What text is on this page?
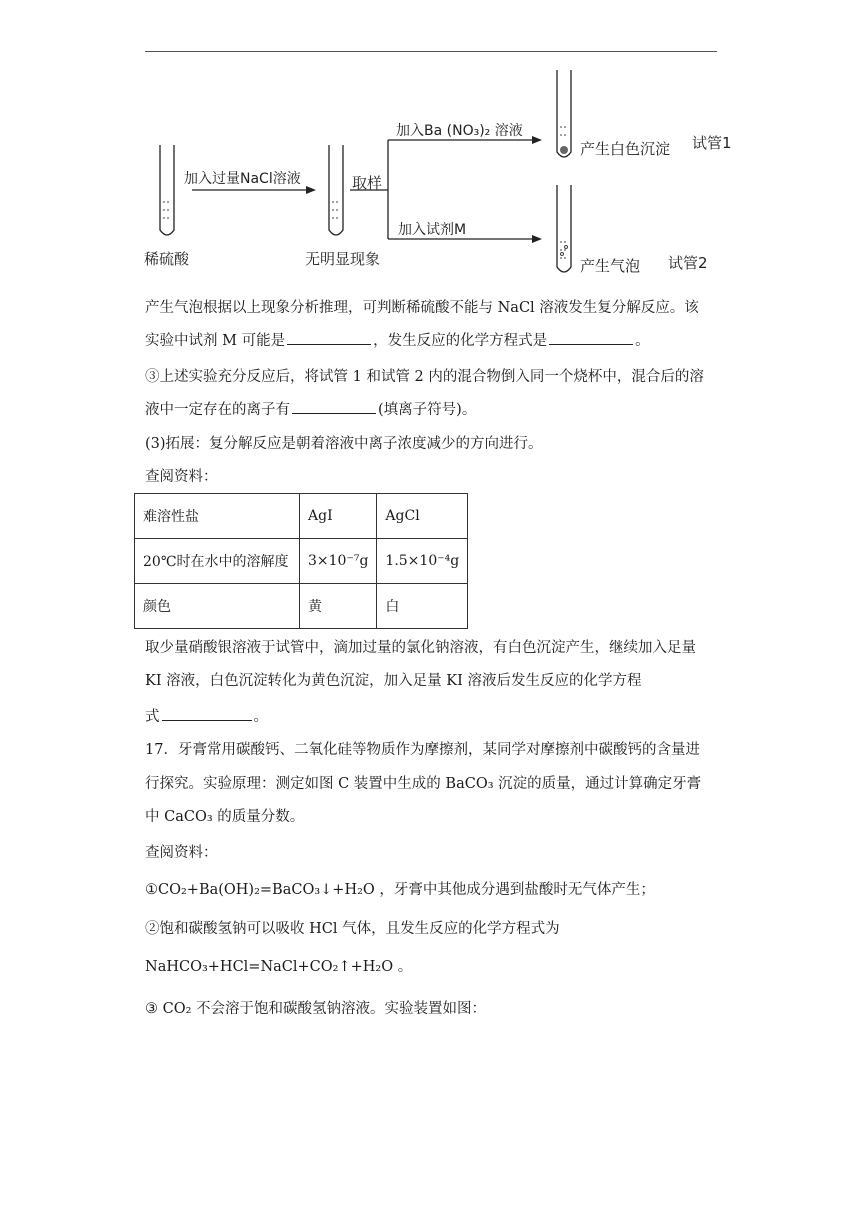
稀硫酸
加入过量NaCl溶液
无明显现象
取样
加入Ba (NO₃)₂ 溶液
加入试剂M
产生白色沉淀 试管1
产生气泡 试管2
产生气泡根据以上现象分析推理，可判断稀硫酸不能与 NaCl 溶液发生复分解反应。该
实验中试剂 M 可能是	，发生反应的化学方程式是	。
③上述实验充分反应后，将试管 1 和试管 2 内的混合物倒入同一个烧杯中，混合后的溶
液中一定存在的离子有	(填离子符号)。
(3)拓展：复分解反应是朝着溶液中离子浓度减少的方向进行。
查阅资料：
难溶性盐	AgI	AgCl
20℃时在水中的溶解度	3×10⁻⁷g	1.5×10⁻⁴g
颜色	黄	白
取少量硝酸银溶液于试管中，滴加过量的氯化钠溶液，有白色沉淀产生，继续加入足量
KI 溶液，白色沉淀转化为黄色沉淀，加入足量 KI 溶液后发生反应的化学方程
式	。
17．牙膏常用碳酸钙、二氧化硅等物质作为摩擦剂，某同学对摩擦剂中碳酸钙的含量进
行探究。实验原理：测定如图 C 装置中生成的 BaCO₃ 沉淀的质量，通过计算确定牙膏
中 CaCO₃ 的质量分数。
查阅资料：
①CO₂+Ba(OH)₂=BaCO₃↓+H₂O ，牙膏中其他成分遇到盐酸时无气体产生；
②饱和碳酸氢钠可以吸收 HCl 气体，且发生反应的化学方程式为
NaHCO₃+HCl=NaCl+CO₂↑+H₂O 。
③ CO₂ 不会溶于饱和碳酸氢钠溶液。实验装置如图：
